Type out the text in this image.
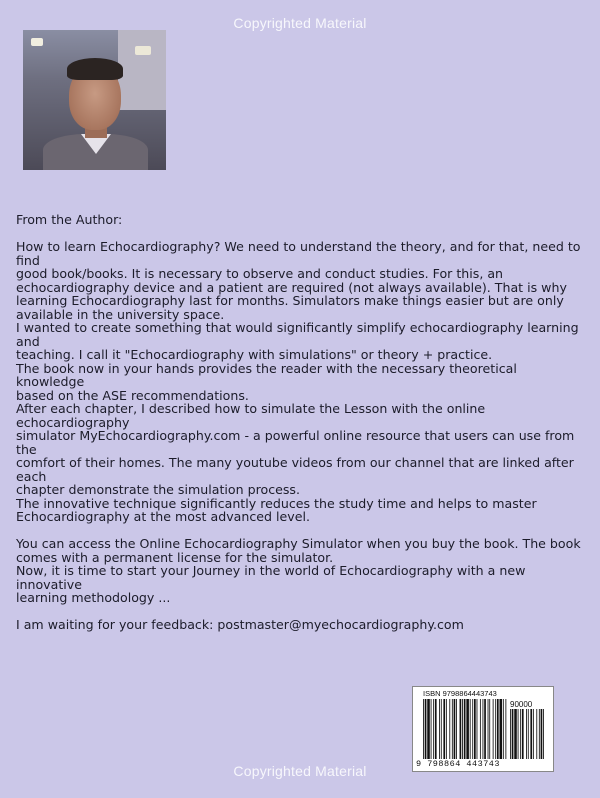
Copyrighted Material

From the Author:

How to learn Echocardiography? We need to understand the theory, and for that, need to find

good book/books. It is necessary to observe and conduct studies. For this, an

echocardiography device and a patient are required (not always available). That is why

learning Echocardiography last for months. Simulators make things easier but are only

available in the university space.

I wanted to create something that would significantly simplify echocardiography learning and

teaching. I call it "Echocardiography with simulations" or theory + practice.

The book now in your hands provides the reader with the necessary theoretical knowledge

based on the ASE recommendations.

After each chapter, I described how to simulate the Lesson with the online echocardiography

simulator MyEchocardiography.com - a powerful online resource that users can use from the

comfort of their homes. The many youtube videos from our channel that are linked after each

chapter demonstrate the simulation process.

The innovative technique significantly reduces the study time and helps to master

Echocardiography at the most advanced level.

You can access the Online Echocardiography Simulator when you buy the book. The book

comes with a permanent license for the simulator.

Now, it is time to start your Journey in the world of Echocardiography with a new innovative

learning methodology ...

I am waiting for your feedback: postmaster@myechocardiography.com

ISBN 9798864443743
90000
9 798864 443743
Copyrighted Material
